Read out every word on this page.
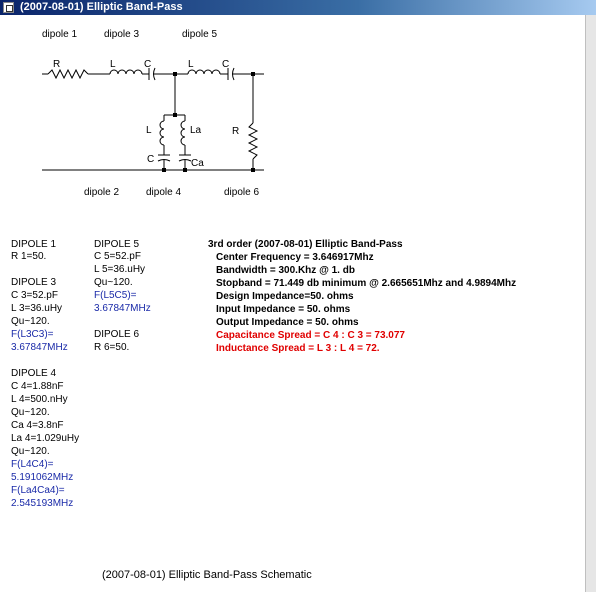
(2007-08-01) Elliptic Band-Pass
dipole 1	dipole 3	dipole 5
dipole 2	dipole 4	dipole 6
R	L	C	L	C
L	La
C	Ca
R
DIPOLE 1
R 1=50.
DIPOLE 3
C 3=52.pF
L 3=36.uHy
Qu~120.
F(L3C3)=
3.67847MHz
DIPOLE 4
C 4=1.88nF
L 4=500.nHy
Qu~120.
Ca 4=3.8nF
La 4=1.029uHy
Qu~120.
F(L4C4)=
5.191062MHz
F(La4Ca4)=
2.545193MHz
DIPOLE 5
C 5=52.pF
L 5=36.uHy
Qu~120.
F(L5C5)=
3.67847MHz
DIPOLE 6
R 6=50.
3rd order (2007-08-01) Elliptic Band-Pass
Center Frequency = 3.646917Mhz
Bandwidth = 300.Khz @ 1. db
Stopband = 71.449 db minimum @ 2.665651Mhz and 4.9894Mhz
Design Impedance=50. ohms
Input Impedance = 50. ohms
Output Impedance = 50. ohms
Capacitance Spread = C 4 : C 3 = 73.077
Inductance Spread = L 3 : L 4 = 72.
(2007-08-01) Elliptic Band-Pass Schematic
